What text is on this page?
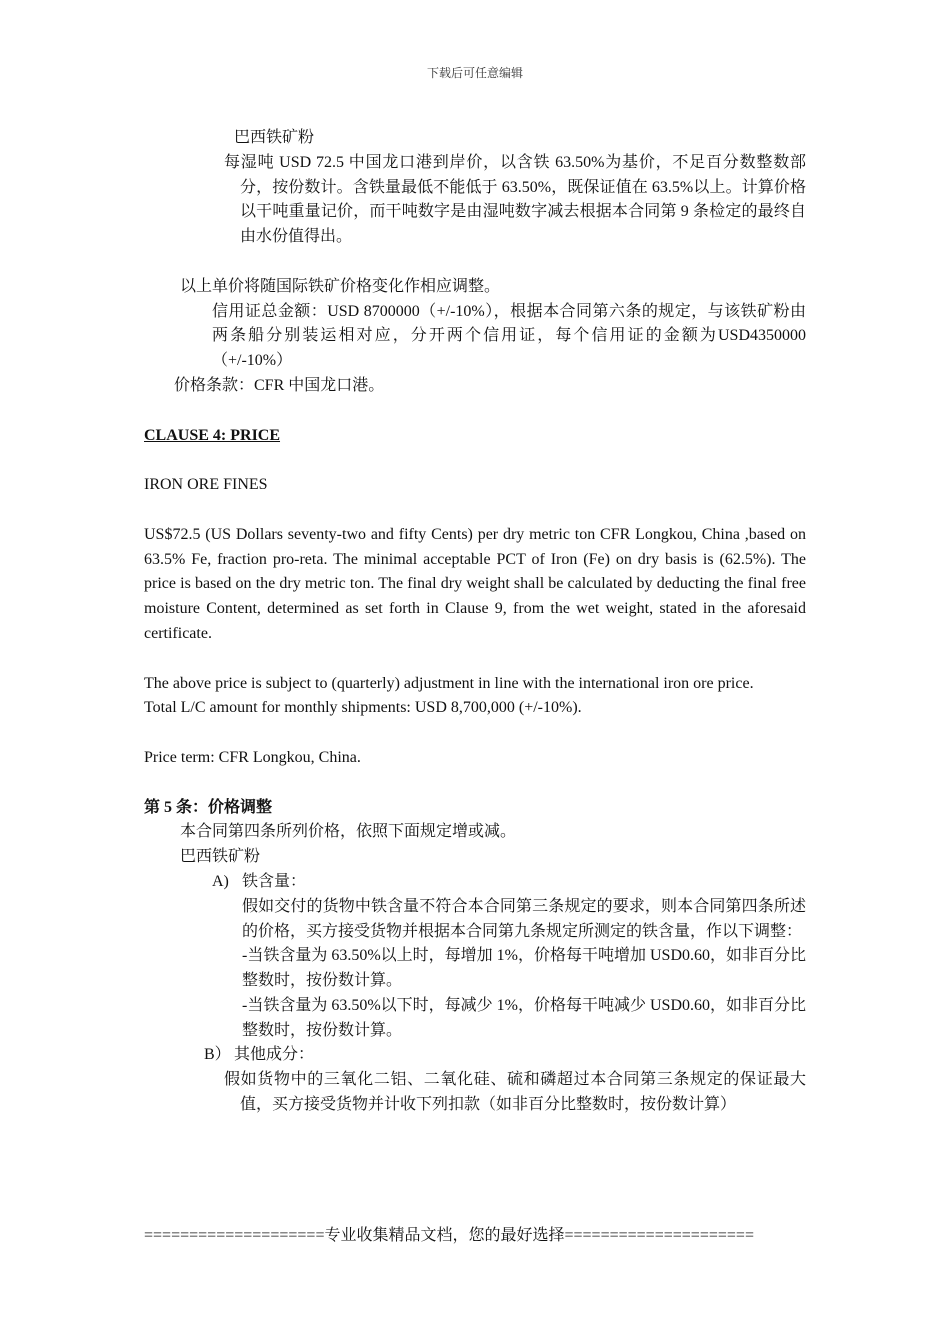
下载后可任意编辑

巴西铁矿粉

每湿吨 USD 72.5 中国龙口港到岸价，以含铁 63.50%为基价，不足百分数整数部分，按份数计。含铁量最低不能低于 63.50%，既保证值在 63.5%以上。计算价格以干吨重量记价，而干吨数字是由湿吨数字减去根据本合同第 9 条检定的最终自由水份值得出。

以上单价将随国际铁矿价格变化作相应调整。

信用证总金额：USD 8700000（+/-10%），根据本合同第六条的规定，与该铁矿粉由两条船分别装运相对应，分开两个信用证，每个信用证的金额为USD4350000（+/-10%）

价格条款：CFR 中国龙口港。

CLAUSE 4: PRICE

IRON ORE FINES

US$72.5 (US Dollars seventy-two and fifty Cents) per dry metric ton CFR Longkou, China ,based on 63.5% Fe, fraction pro-reta. The minimal acceptable PCT of Iron (Fe) on dry basis is (62.5%). The price is based on the dry metric ton. The final dry weight shall be calculated by deducting the final free moisture Content, determined as set forth in Clause 9, from the wet weight, stated in the aforesaid certificate.

The above price is subject to (quarterly) adjustment in line with the international iron ore price.

Total L/C amount for monthly shipments: USD 8,700,000 (+/-10%).

Price term: CFR Longkou, China.

第 5 条：价格调整

本合同第四条所列价格，依照下面规定增或减。

巴西铁矿粉

A) 铁含量：

假如交付的货物中铁含量不符合本合同第三条规定的要求，则本合同第四条所述的价格，买方接受货物并根据本合同第九条规定所测定的铁含量，作以下调整：

-当铁含量为 63.50%以上时，每增加 1%，价格每干吨增加 USD0.60，如非百分比整数时，按份数计算。

-当铁含量为 63.50%以下时，每减少 1%，价格每干吨减少 USD0.60，如非百分比整数时，按份数计算。

B） 其他成分：

假如货物中的三氧化二铝、二氧化硅、硫和磷超过本合同第三条规定的保证最大值，买方接受货物并计收下列扣款（如非百分比整数时，按份数计算）

====================专业收集精品文档，您的最好选择=====================
